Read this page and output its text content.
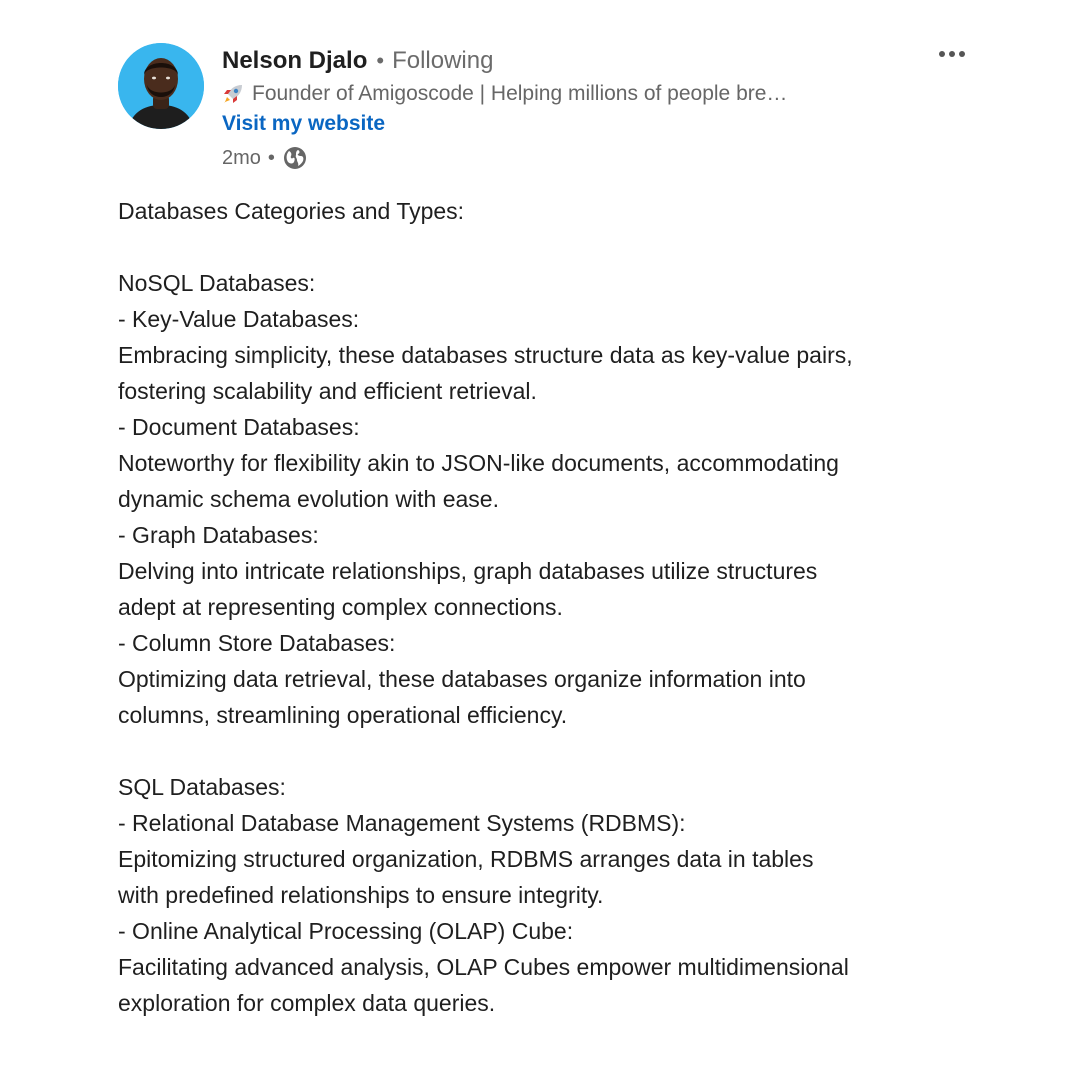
Nelson Djalo • Following
Founder of Amigoscode | Helping millions of people bre…
Visit my website
2mo •

Databases Categories and Types:

NoSQL Databases:

- Key-Value Databases:

Embracing simplicity, these databases structure data as key-value pairs,

fostering scalability and efficient retrieval.

- Document Databases:

Noteworthy for flexibility akin to JSON-like documents, accommodating

dynamic schema evolution with ease.

- Graph Databases:

Delving into intricate relationships, graph databases utilize structures

adept at representing complex connections.

- Column Store Databases:

Optimizing data retrieval, these databases organize information into

columns, streamlining operational efficiency.

SQL Databases:

- Relational Database Management Systems (RDBMS):

Epitomizing structured organization, RDBMS arranges data in tables

with predefined relationships to ensure integrity.

- Online Analytical Processing (OLAP) Cube:

Facilitating advanced analysis, OLAP Cubes empower multidimensional

exploration for complex data queries.
